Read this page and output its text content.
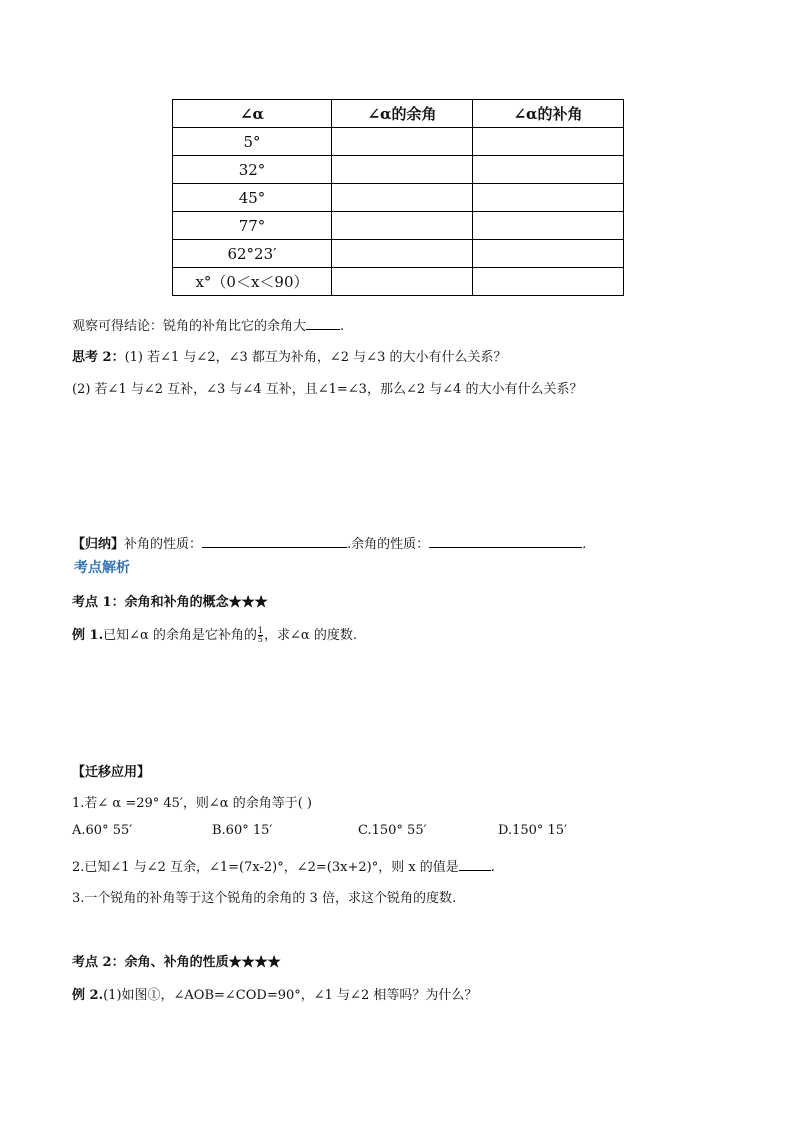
∠α	∠α的余角	∠α的补角
5°		
32°		
45°		
77°		
62°23′		
x°（0＜x＜90）		
观察可得结论：锐角的补角比它的余角大	.
思考 2：(1) 若∠1 与∠2，∠3 都互为补角，∠2 与∠3 的大小有什么关系？
(2) 若∠1 与∠2 互补，∠3 与∠4 互补，且∠1=∠3，那么∠2 与∠4 的大小有什么关系？
【归纳】补角的性质：	.余角的性质：	.
考点解析
考点 1：余角和补角的概念★★★
例 1.已知∠α 的余角是它补角的 $\frac{1}{5}$ ，求∠α 的度数.
【迁移应用】
1.若∠ α =29° 45′，则∠α 的余角等于( )
A.60° 55′	B.60° 15′	C.150° 55′	D.150° 15′
2.已知∠1 与∠2 互余，∠1=(7x-2)°，∠2=(3x+2)°，则 x 的值是 .
3.一个锐角的补角等于这个锐角的余角的 3 倍，求这个锐角的度数.
考点 2：余角、补角的性质★★★★
例 2.(1)如图①，∠AOB=∠COD=90°，∠1 与∠2 相等吗？为什么？
